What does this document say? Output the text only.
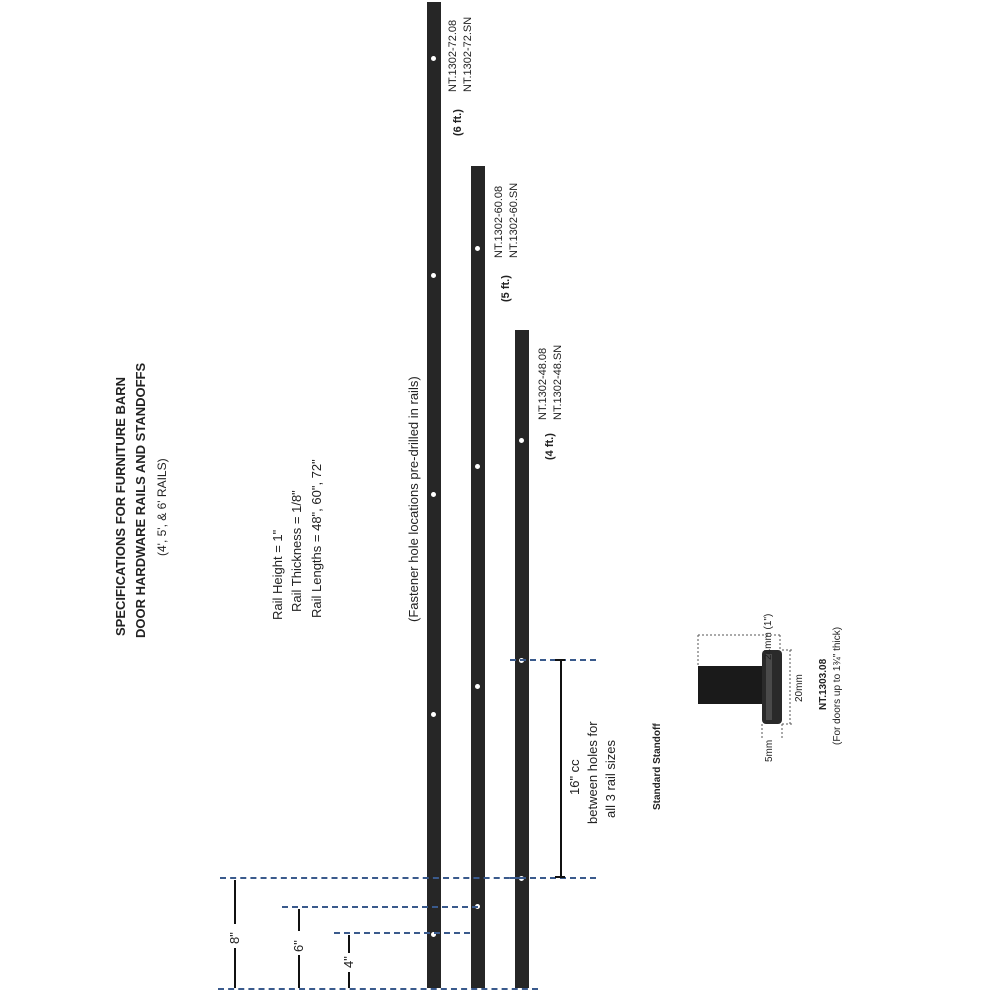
SPECIFICATIONS FOR FURNITURE BARN DOOR HARDWARE RAILS AND STANDOFFS (4', 5', & 6' RAILS)
Rail Height = 1" Rail Thickness = 1/8" Rail Lengths = 48", 60", 72"	(Fastener hole locations pre-drilled in rails)
(6 ft.)
NT.1302-72.08 NT.1302-72.SN
(5 ft.)
NT.1302-60.08 NT.1302-60.SN
(4 ft.)
NT.1302-48.08 NT.1302-48.SN
16" cc between holes for all 3 rail sizes
8"
6"
4"
24mm (1")
20mm
5mm
NT.1303.08 (For doors up to 1¾" thick)
Standard Standoff
